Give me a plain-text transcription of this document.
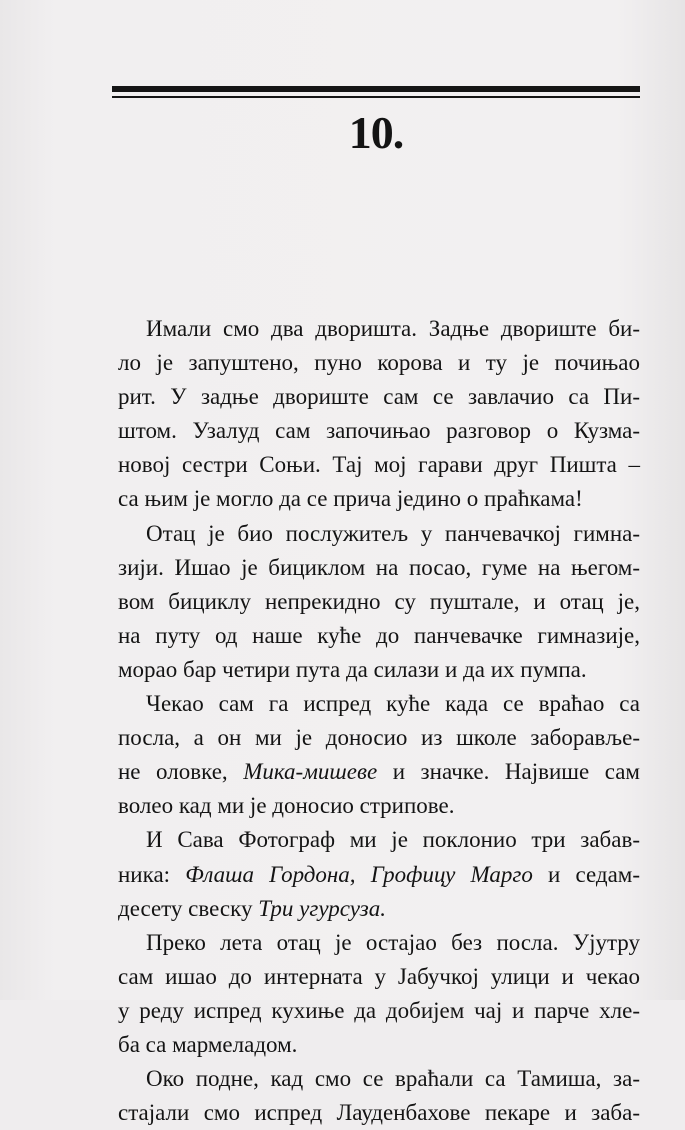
10.
Имали смо два дворишта. Задње двориште би-
ло је запуштено, пуно корова и ту је почињао
рит. У задње двориште сам се завлачио са Пи-
штом. Узалуд сам започињао разговор о Кузма-
новој сестри Соњи. Тај мој гарави друг Пишта –
са њим је могло да се прича једино о праћкама!
Отац је био послужитељ у панчевачкој гимна-
зији. Ишао је бициклом на посао, гуме на његом-
вом бициклу непрекидно су пуштале, и отац је,
на путу од наше куће до панчевачке гимназије,
морао бар четири пута да силази и да их пумпа.
Чекао сам га испред куће када се враћао са
посла, а он ми је доносио из школе заборављe-
не оловке, Мика-мишеве и значке. Највише сам
волео кад ми је доносио стрипове.
И Сава Фотограф ми је поклонио три забав-
ника: Флаша Гордона, Грофицу Марго и седам-
десету свеску Три угурсуза.
Преко лета отац је остајао без посла. Ујутру
сам ишао до интерната у Јабучкој улици и чекао
у реду испред кухиње да добијем чај и парче хле-
ба са мармеладом.
Око подне, кад смо се враћали са Тамиша, за-
стајали смо испред Лауденбахове пекаре и заба-
